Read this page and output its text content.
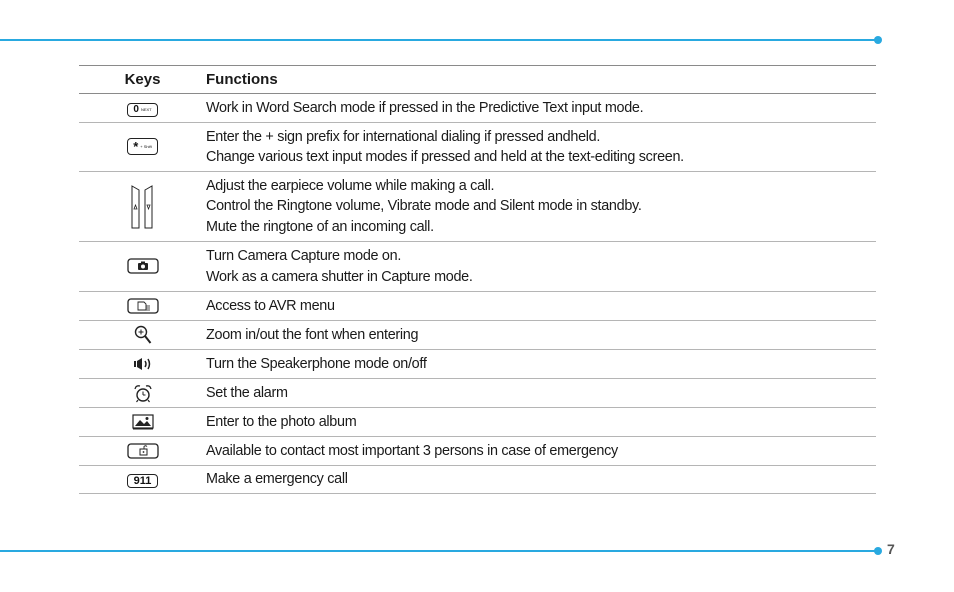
Keys	Functions

0 NEXT	Work in Word Search mode if pressed in the Predictive Text input mode.

* + Shift	Enter the + sign prefix for international dialing if pressed andheld.
Change various text input modes if pressed and held at the text-editing screen.

Adjust the earpiece volume while making a call.
Control the Ringtone volume, Vibrate mode and Silent mode in standby.
Mute the ringtone of an incoming call.

Turn Camera Capture mode on.
Work as a camera shutter in Capture mode.

Access to AVR menu

Zoom in/out the font when entering

Turn the Speakerphone mode on/off

Set the alarm

Enter to the photo album

Available to contact most important 3 persons in case of emergency

911	Make a emergency call
7
